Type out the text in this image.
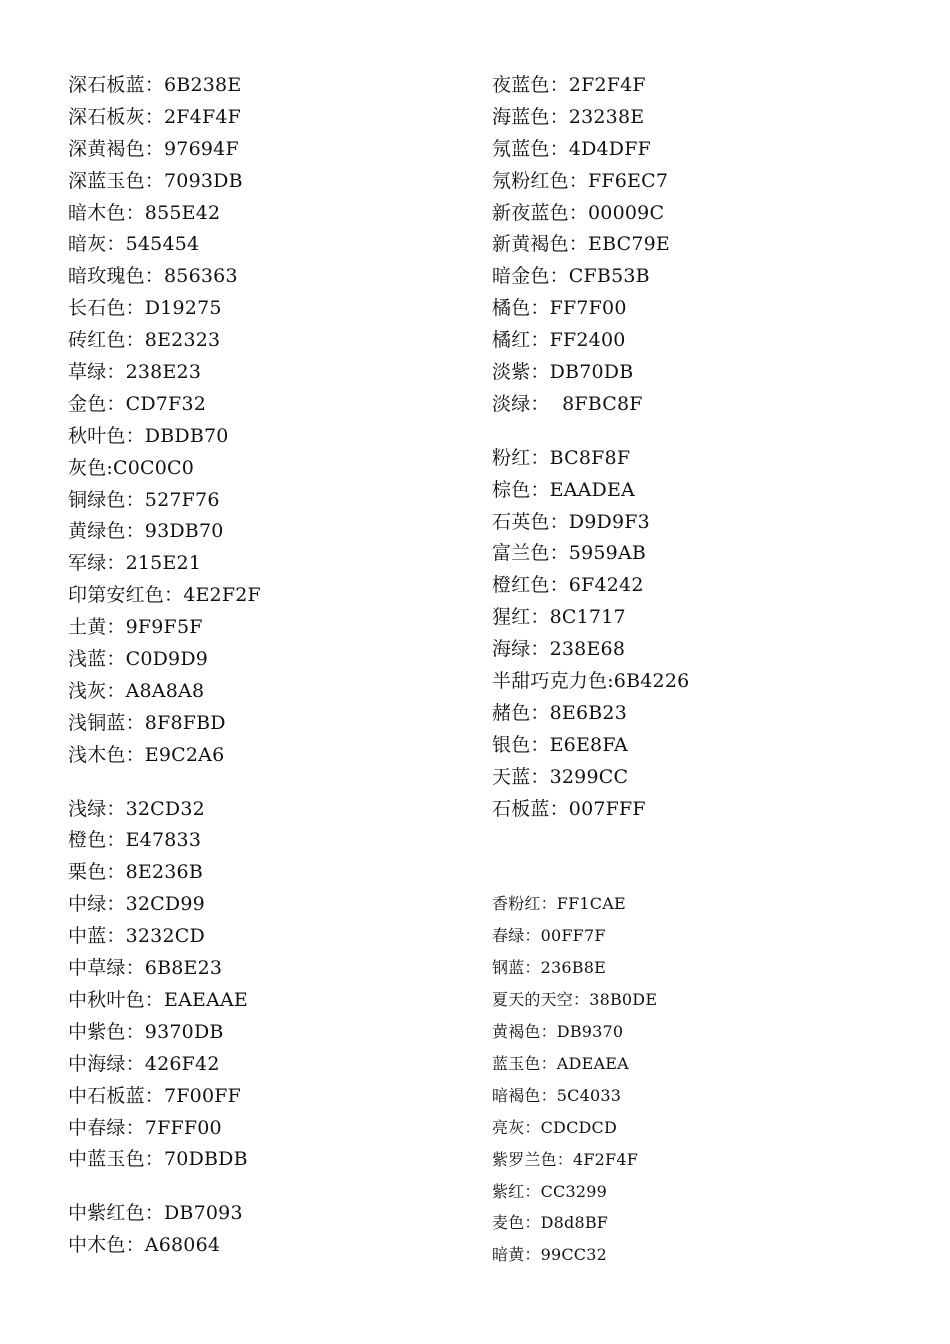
深石板蓝：6B238E
深石板灰：2F4F4F
深黄褐色：97694F
深蓝玉色：7093DB
暗木色：855E42
暗灰：545454
暗玫瑰色：856363
长石色：D19275
砖红色：8E2323
草绿：238E23
金色：CD7F32
秋叶色：DBDB70
灰色:C0C0C0
铜绿色：527F76
黄绿色：93DB70
军绿：215E21
印第安红色：4E2F2F
土黄：9F9F5F
浅蓝：C0D9D9
浅灰：A8A8A8
浅铜蓝：8F8FBD
浅木色：E9C2A6
浅绿：32CD32
橙色：E47833
栗色：8E236B
中绿：32CD99
中蓝：3232CD
中草绿：6B8E23
中秋叶色：EAEAAE
中紫色：9370DB
中海绿：426F42
中石板蓝：7F00FF
中春绿：7FFF00
中蓝玉色：70DBDB
中紫红色：DB7093
中木色：A68064
夜蓝色：2F2F4F
海蓝色：23238E
氖蓝色：4D4DFF
氖粉红色：FF6EC7
新夜蓝色：00009C
新黄褐色：EBC79E
暗金色：CFB53B
橘色：FF7F00
橘红：FF2400
淡紫：DB70DB
淡绿：  8FBC8F
粉红：BC8F8F
棕色：EAADEA
石英色：D9D9F3
富兰色：5959AB
橙红色：6F4242
猩红：8C1717
海绿：238E68
半甜巧克力色:6B4226
赭色：8E6B23
银色：E6E8FA
天蓝：3299CC
石板蓝：007FFF
香粉红：FF1CAE
春绿：00FF7F
钢蓝：236B8E
夏天的天空：38B0DE
黄褐色：DB9370
蓝玉色：ADEAEA
暗褐色：5C4033
亮灰：CDCDCD
紫罗兰色：4F2F4F
紫红：CC3299
麦色：D8d8BF
暗黄：99CC32
